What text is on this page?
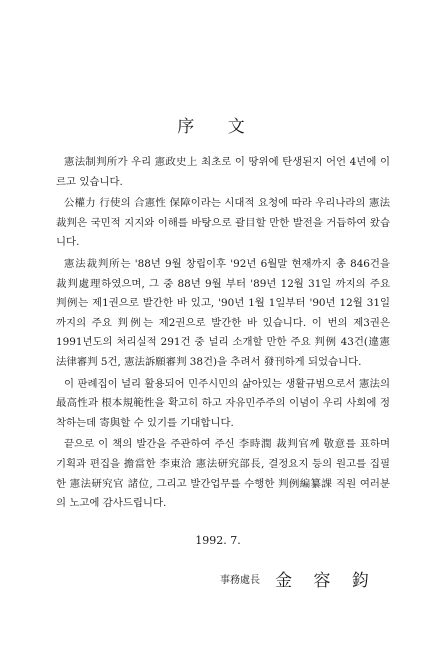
序 文

憲法制判所가 우리 憲政史上 최초로 이 땅위에 탄생된지 어언 4년에 이르고 있습니다.

公權力 行使의 合憲性 保障이라는 시대적 요청에 따라 우리나라의 憲法裁判은 국민적 지지와 이해를 바탕으로 괄目할 만한 발전을 거듭하여 왔습니다.

憲法裁判所는 '88년 9월 창립이후 '92년 6월말 현재까지 총 846건을 裁判處理하였으며, 그 중 88년 9월 부터 '89년 12월 31일 까지의 주요 判例는 제1권으로 발간한 바 있고, '90년 1월 1일부터 '90년 12월 31일 까지의 주요 判例는 제2권으로 발간한 바 있습니다. 이 번의 제3권은 1991년도의 처리실적 291건 중 널리 소개할 만한 주요 判例 43건(違憲法律審判 5건, 憲法訴願審判 38건)을 추려서 發刊하게 되었습니다.

이 판례집이 널리 활용되어 민주시민의 삶아있는 생활규범으로서 憲法의 最高性과 根本規範性을 확고히 하고 자유민주주의 이념이 우리 사회에 정착하는데 寄與할 수 있기를 기대합니다.

끝으로 이 책의 발간을 주관하여 주신 李時潤 裁判官께 敬意를 표하며 기획과 편집을 擔當한 李東洽 憲法研究部長, 결정요지 등의 원고를 집필한 憲法研究官 諸位, 그리고 발간업무를 수행한 判例編纂課 직원 여러분의 노고에 감사드립니다.

1992. 7.
事務處長 金 容 鈞
